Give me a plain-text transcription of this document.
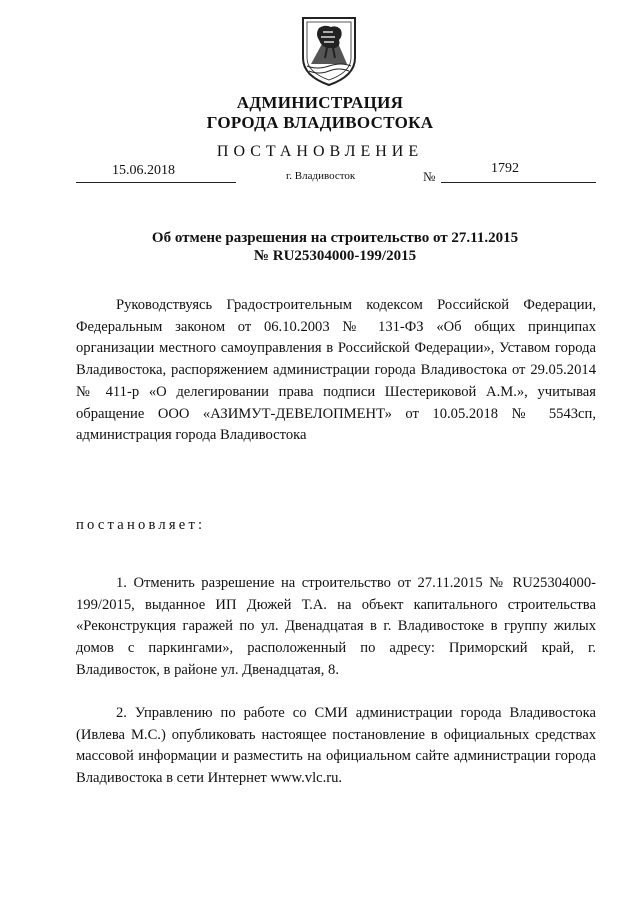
АДМИНИСТРАЦИЯ
ГОРОДА ВЛАДИВОСТОКА
ПОСТАНОВЛЕНИЕ
15.06.2018	г. Владивосток	№
1792
Об отмене разрешения на строительство от 27.11.2015
№ RU25304000-199/2015

Руководствуясь Градостроительным кодексом Российской Федерации, Федеральным законом от 06.10.2003 № 131-ФЗ «Об общих принципах организации местного самоуправления в Российской Федерации», Уставом города Владивостока, распоряжением администрации города Владивостока от 29.05.2014 № 411-р «О делегировании права подписи Шестериковой А.М.», учитывая обращение ООО «АЗИМУТ-ДЕВЕЛОПМЕНТ» от 10.05.2018 № 5543сп, администрация города Владивостока

постановляет:

1. Отменить разрешение на строительство от 27.11.2015 № RU25304000-199/2015, выданное ИП Дюжей Т.А. на объект капитального строительства «Реконструкция гаражей по ул. Двенадцатая в г. Владивостоке в группу жилых домов с паркингами», расположенный по адресу: Приморский край, г. Владивосток, в районе ул. Двенадцатая, 8.

2. Управлению по работе со СМИ администрации города Владивостока (Ивлева М.С.) опубликовать настоящее постановление в официальных средствах массовой информации и разместить на официальном сайте администрации города Владивостока в сети Интернет www.vlc.ru.
